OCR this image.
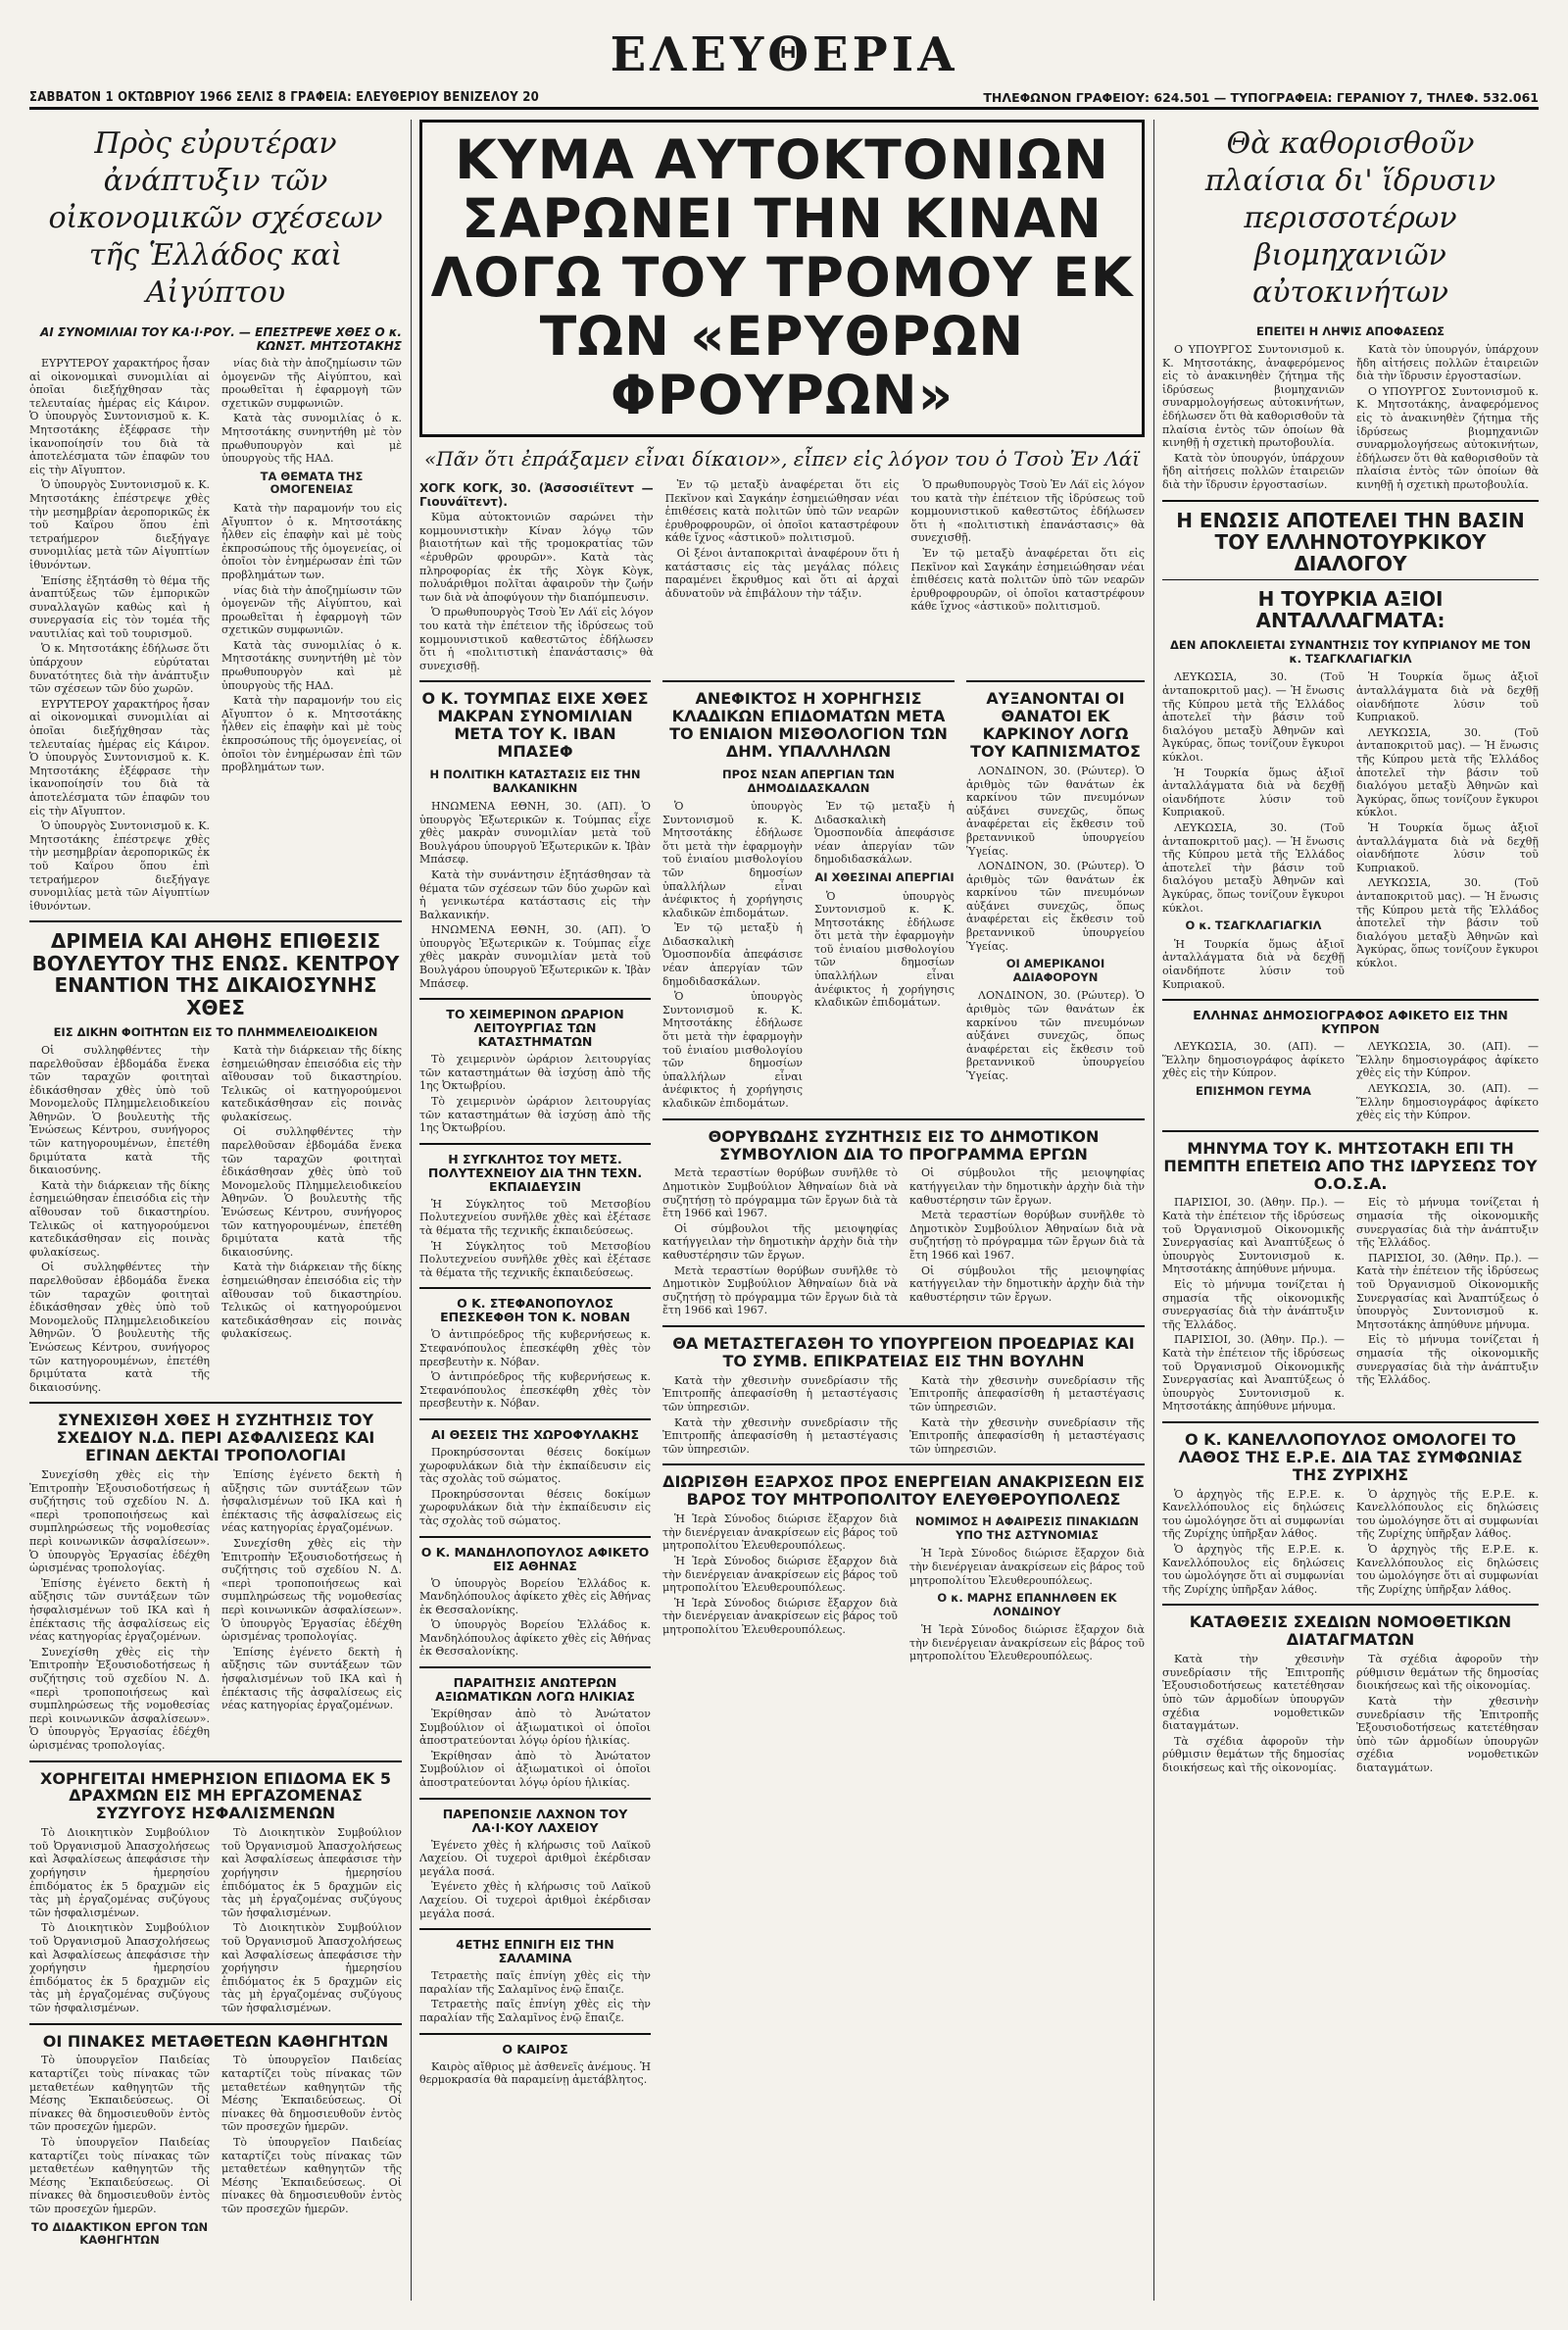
ΕΛΕΥΘΕΡΙΑ
ΣΑΒΒΑΤΟΝ 1 ΟΚΤΩΒΡΙΟΥ 1966 ΣΕΛΙΣ 8 ΓΡΑΦΕΙΑ: ΕΛΕΥΘΕΡΙΟΥ ΒΕΝΙΖΕΛΟΥ 20	ΤΗΛΕΦΩΝΟΝ ΓΡΑΦΕΙΟΥ: 624.501 — ΤΥΠΟΓΡΑΦΕΙΑ: ΓΕΡΑΝΙΟΥ 7, ΤΗΛΕΦ. 532.061
Πρὸς εὐρυτέραν ἀνάπτυξιν τῶν οἰκονομικῶν σχέσεων τῆς Ἑλλάδος καὶ Αἰγύπτου
ΑΙ ΣΥΝΟΜΙΛΙΑΙ ΤΟΥ ΚΑ·Ι·ΡΟΥ. — ΕΠΕΣΤΡΕΨΕ ΧΘΕΣ Ο κ. ΚΩΝΣΤ. ΜΗΤΣΟΤΑΚΗΣ

ΕΥΡΥΤΕΡΟΥ χαρακτήρος ἦσαν αἱ οἰκονομικαὶ συνομιλίαι αἱ ὁποῖαι διεξήχθησαν τὰς τελευταίας ἡμέρας εἰς Κάιρον. Ὁ ὑπουργὸς Συντονισμοῦ κ. Κ. Μητσοτάκης ἐξέφρασε τὴν ἱκανοποίησίν του διὰ τὰ ἀποτελέσματα τῶν ἐπαφῶν του εἰς τὴν Αἴγυπτον.

Ὁ ὑπουργὸς Συντονισμοῦ κ. Κ. Μητσοτάκης ἐπέστρεψε χθὲς τὴν μεσημβρίαν ἀεροπορικῶς ἐκ τοῦ Καΐρου ὅπου ἐπὶ τετραήμερον διεξήγαγε συνομιλίας μετὰ τῶν Αἰγυπτίων ἰθυνόντων.

Ἐπίσης ἐξητάσθη τὸ θέμα τῆς ἀναπτύξεως τῶν ἐμπορικῶν συναλλαγῶν καθὼς καὶ ἡ συνεργασία εἰς τὸν τομέα τῆς ναυτιλίας καὶ τοῦ τουρισμοῦ.

Ὁ κ. Μητσοτάκης ἐδήλωσε ὅτι ὑπάρχουν εὐρύταται δυνατότητες διὰ τὴν ἀνάπτυξιν τῶν σχέσεων τῶν δύο χωρῶν.

ΕΥΡΥΤΕΡΟΥ χαρακτήρος ἦσαν αἱ οἰκονομικαὶ συνομιλίαι αἱ ὁποῖαι διεξήχθησαν τὰς τελευταίας ἡμέρας εἰς Κάιρον. Ὁ ὑπουργὸς Συντονισμοῦ κ. Κ. Μητσοτάκης ἐξέφρασε τὴν ἱκανοποίησίν του διὰ τὰ ἀποτελέσματα τῶν ἐπαφῶν του εἰς τὴν Αἴγυπτον.

Ὁ ὑπουργὸς Συντονισμοῦ κ. Κ. Μητσοτάκης ἐπέστρεψε χθὲς τὴν μεσημβρίαν ἀεροπορικῶς ἐκ τοῦ Καΐρου ὅπου ἐπὶ τετραήμερον διεξήγαγε συνομιλίας μετὰ τῶν Αἰγυπτίων ἰθυνόντων.

νίας διὰ τὴν ἀποζημίωσιν τῶν ὁμογενῶν τῆς Αἰγύπτου, καὶ προωθεῖται ἡ ἐφαρμογὴ τῶν σχετικῶν συμφωνιῶν.

Κατὰ τὰς συνομιλίας ὁ κ. Μητσοτάκης συνηντήθη μὲ τὸν πρωθυπουργὸν καὶ μὲ ὑπουργοὺς τῆς ΗΑΔ.

ΤΑ ΘΕΜΑΤΑ ΤΗΣ ΟΜΟΓΕΝΕΙΑΣ

Κατὰ τὴν παραμονήν του εἰς Αἴγυπτον ὁ κ. Μητσοτάκης ἦλθεν εἰς ἐπαφὴν καὶ μὲ τοὺς ἐκπροσώπους τῆς ὁμογενείας, οἱ ὁποῖοι τὸν ἐνημέρωσαν ἐπὶ τῶν προβλημάτων των.

νίας διὰ τὴν ἀποζημίωσιν τῶν ὁμογενῶν τῆς Αἰγύπτου, καὶ προωθεῖται ἡ ἐφαρμογὴ τῶν σχετικῶν συμφωνιῶν.

Κατὰ τὰς συνομιλίας ὁ κ. Μητσοτάκης συνηντήθη μὲ τὸν πρωθυπουργὸν καὶ μὲ ὑπουργοὺς τῆς ΗΑΔ.

Κατὰ τὴν παραμονήν του εἰς Αἴγυπτον ὁ κ. Μητσοτάκης ἦλθεν εἰς ἐπαφὴν καὶ μὲ τοὺς ἐκπροσώπους τῆς ὁμογενείας, οἱ ὁποῖοι τὸν ἐνημέρωσαν ἐπὶ τῶν προβλημάτων των.

ΔΡΙΜΕΙΑ ΚΑΙ ΑΗΘΗΣ ΕΠΙΘΕΣΙΣ ΒΟΥΛΕΥΤΟΥ ΤΗΣ ΕΝΩΣ. ΚΕΝΤΡΟΥ ΕΝΑΝΤΙΟΝ ΤΗΣ ΔΙΚΑΙΟΣΥΝΗΣ ΧΘΕΣ
ΕΙΣ ΔΙΚΗΝ ΦΟΙΤΗΤΩΝ ΕΙΣ ΤΟ ΠΛΗΜΜΕΛΕΙΟΔΙΚΕΙΟΝ

Οἱ συλληφθέντες τὴν παρελθοῦσαν ἑβδομάδα ἕνεκα τῶν ταραχῶν φοιτηταὶ ἐδικάσθησαν χθὲς ὑπὸ τοῦ Μονομελοῦς Πλημμελειοδικείου Ἀθηνῶν. Ὁ βουλευτὴς τῆς Ἑνώσεως Κέντρου, συνήγορος τῶν κατηγορουμένων, ἐπετέθη δριμύτατα κατὰ τῆς δικαιοσύνης.

Κατὰ τὴν διάρκειαν τῆς δίκης ἐσημειώθησαν ἐπεισόδια εἰς τὴν αἴθουσαν τοῦ δικαστηρίου. Τελικῶς οἱ κατηγορούμενοι κατεδικάσθησαν εἰς ποινὰς φυλακίσεως.

Οἱ συλληφθέντες τὴν παρελθοῦσαν ἑβδομάδα ἕνεκα τῶν ταραχῶν φοιτηταὶ ἐδικάσθησαν χθὲς ὑπὸ τοῦ Μονομελοῦς Πλημμελειοδικείου Ἀθηνῶν. Ὁ βουλευτὴς τῆς Ἑνώσεως Κέντρου, συνήγορος τῶν κατηγορουμένων, ἐπετέθη δριμύτατα κατὰ τῆς δικαιοσύνης.

Κατὰ τὴν διάρκειαν τῆς δίκης ἐσημειώθησαν ἐπεισόδια εἰς τὴν αἴθουσαν τοῦ δικαστηρίου. Τελικῶς οἱ κατηγορούμενοι κατεδικάσθησαν εἰς ποινὰς φυλακίσεως.

Οἱ συλληφθέντες τὴν παρελθοῦσαν ἑβδομάδα ἕνεκα τῶν ταραχῶν φοιτηταὶ ἐδικάσθησαν χθὲς ὑπὸ τοῦ Μονομελοῦς Πλημμελειοδικείου Ἀθηνῶν. Ὁ βουλευτὴς τῆς Ἑνώσεως Κέντρου, συνήγορος τῶν κατηγορουμένων, ἐπετέθη δριμύτατα κατὰ τῆς δικαιοσύνης.

Κατὰ τὴν διάρκειαν τῆς δίκης ἐσημειώθησαν ἐπεισόδια εἰς τὴν αἴθουσαν τοῦ δικαστηρίου. Τελικῶς οἱ κατηγορούμενοι κατεδικάσθησαν εἰς ποινὰς φυλακίσεως.

ΣΥΝΕΧΙΣΘΗ ΧΘΕΣ Η ΣΥΖΗΤΗΣΙΣ ΤΟΥ ΣΧΕΔΙΟΥ Ν.Δ. ΠΕΡΙ ΑΣΦΑΛΙΣΕΩΣ ΚΑΙ ΕΓΙΝΑΝ ΔΕΚΤΑΙ ΤΡΟΠΟΛΟΓΙΑΙ

Συνεχίσθη χθὲς εἰς τὴν Ἐπιτροπὴν Ἐξουσιοδοτήσεως ἡ συζήτησις τοῦ σχεδίου Ν. Δ. «περὶ τροποποιήσεως καὶ συμπληρώσεως τῆς νομοθεσίας περὶ κοινωνικῶν ἀσφαλίσεων». Ὁ ὑπουργὸς Ἐργασίας ἐδέχθη ὡρισμένας τροπολογίας.

Ἐπίσης ἐγένετο δεκτὴ ἡ αὔξησις τῶν συντάξεων τῶν ἠσφαλισμένων τοῦ ΙΚΑ καὶ ἡ ἐπέκτασις τῆς ἀσφαλίσεως εἰς νέας κατηγορίας ἐργαζομένων.

Συνεχίσθη χθὲς εἰς τὴν Ἐπιτροπὴν Ἐξουσιοδοτήσεως ἡ συζήτησις τοῦ σχεδίου Ν. Δ. «περὶ τροποποιήσεως καὶ συμπληρώσεως τῆς νομοθεσίας περὶ κοινωνικῶν ἀσφαλίσεων». Ὁ ὑπουργὸς Ἐργασίας ἐδέχθη ὡρισμένας τροπολογίας.

Ἐπίσης ἐγένετο δεκτὴ ἡ αὔξησις τῶν συντάξεων τῶν ἠσφαλισμένων τοῦ ΙΚΑ καὶ ἡ ἐπέκτασις τῆς ἀσφαλίσεως εἰς νέας κατηγορίας ἐργαζομένων.

Συνεχίσθη χθὲς εἰς τὴν Ἐπιτροπὴν Ἐξουσιοδοτήσεως ἡ συζήτησις τοῦ σχεδίου Ν. Δ. «περὶ τροποποιήσεως καὶ συμπληρώσεως τῆς νομοθεσίας περὶ κοινωνικῶν ἀσφαλίσεων». Ὁ ὑπουργὸς Ἐργασίας ἐδέχθη ὡρισμένας τροπολογίας.

Ἐπίσης ἐγένετο δεκτὴ ἡ αὔξησις τῶν συντάξεων τῶν ἠσφαλισμένων τοῦ ΙΚΑ καὶ ἡ ἐπέκτασις τῆς ἀσφαλίσεως εἰς νέας κατηγορίας ἐργαζομένων.

ΧΟΡΗΓΕΙΤΑΙ ΗΜΕΡΗΣΙΟΝ ΕΠΙΔΟΜΑ ΕΚ 5 ΔΡΑΧΜΩΝ ΕΙΣ ΜΗ ΕΡΓΑΖΟΜΕΝΑΣ ΣΥΖΥΓΟΥΣ ΗΣΦΑΛΙΣΜΕΝΩΝ

Τὸ Διοικητικὸν Συμβούλιον τοῦ Ὀργανισμοῦ Ἀπασχολήσεως καὶ Ἀσφαλίσεως ἀπεφάσισε τὴν χορήγησιν ἡμερησίου ἐπιδόματος ἐκ 5 δραχμῶν εἰς τὰς μὴ ἐργαζομένας συζύγους τῶν ἠσφαλισμένων.

Τὸ Διοικητικὸν Συμβούλιον τοῦ Ὀργανισμοῦ Ἀπασχολήσεως καὶ Ἀσφαλίσεως ἀπεφάσισε τὴν χορήγησιν ἡμερησίου ἐπιδόματος ἐκ 5 δραχμῶν εἰς τὰς μὴ ἐργαζομένας συζύγους τῶν ἠσφαλισμένων.

Τὸ Διοικητικὸν Συμβούλιον τοῦ Ὀργανισμοῦ Ἀπασχολήσεως καὶ Ἀσφαλίσεως ἀπεφάσισε τὴν χορήγησιν ἡμερησίου ἐπιδόματος ἐκ 5 δραχμῶν εἰς τὰς μὴ ἐργαζομένας συζύγους τῶν ἠσφαλισμένων.

Τὸ Διοικητικὸν Συμβούλιον τοῦ Ὀργανισμοῦ Ἀπασχολήσεως καὶ Ἀσφαλίσεως ἀπεφάσισε τὴν χορήγησιν ἡμερησίου ἐπιδόματος ἐκ 5 δραχμῶν εἰς τὰς μὴ ἐργαζομένας συζύγους τῶν ἠσφαλισμένων.

ΟΙ ΠΙΝΑΚΕΣ ΜΕΤΑΘΕΤΕΩΝ ΚΑΘΗΓΗΤΩΝ

Τὸ ὑπουργεῖον Παιδείας καταρτίζει τοὺς πίνακας τῶν μεταθετέων καθηγητῶν τῆς Μέσης Ἐκπαιδεύσεως. Οἱ πίνακες θὰ δημοσιευθοῦν ἐντὸς τῶν προσεχῶν ἡμερῶν.

Τὸ ὑπουργεῖον Παιδείας καταρτίζει τοὺς πίνακας τῶν μεταθετέων καθηγητῶν τῆς Μέσης Ἐκπαιδεύσεως. Οἱ πίνακες θὰ δημοσιευθοῦν ἐντὸς τῶν προσεχῶν ἡμερῶν.

ΤΟ ΔΙΔΑΚΤΙΚΟΝ ΕΡΓΟΝ ΤΩΝ ΚΑΘΗΓΗΤΩΝ

Τὸ ὑπουργεῖον Παιδείας καταρτίζει τοὺς πίνακας τῶν μεταθετέων καθηγητῶν τῆς Μέσης Ἐκπαιδεύσεως. Οἱ πίνακες θὰ δημοσιευθοῦν ἐντὸς τῶν προσεχῶν ἡμερῶν.

Τὸ ὑπουργεῖον Παιδείας καταρτίζει τοὺς πίνακας τῶν μεταθετέων καθηγητῶν τῆς Μέσης Ἐκπαιδεύσεως. Οἱ πίνακες θὰ δημοσιευθοῦν ἐντὸς τῶν προσεχῶν ἡμερῶν.

ΚΥΜΑ ΑΥΤΟΚΤΟΝΙΩΝ ΣΑΡΩΝΕΙ ΤΗΝ ΚΙΝΑΝ ΛΟΓΩ ΤΟΥ ΤΡΟΜΟΥ ΕΚ ΤΩΝ «ΕΡΥΘΡΩΝ ΦΡΟΥΡΩΝ»
«Πᾶν ὅτι ἐπράξαμεν εἶναι δίκαιον», εἶπεν εἰς λόγον του ὁ Τσοὺ Ἐν Λάϊ
ΧΟΓΚ ΚΟΓΚ, 30. (Ἀσσοσιέϊτεντ — Γιουνάϊτεντ).

Κῦμα αὐτοκτονιῶν σαρώνει τὴν κομμουνιστικὴν Κίναν λόγῳ τῶν βιαιοτήτων καὶ τῆς τρομοκρατίας τῶν «ἐρυθρῶν φρουρῶν». Κατὰ τὰς πληροφορίας ἐκ τῆς Χὸγκ Κὸγκ, πολυάριθμοι πολῖται ἀφαιροῦν τὴν ζωήν των διὰ νὰ ἀποφύγουν τὴν διαπόμπευσιν.

Ὁ πρωθυπουργὸς Τσοὺ Ἐν Λάϊ εἰς λόγον του κατὰ τὴν ἐπέτειον τῆς ἱδρύσεως τοῦ κομμουνιστικοῦ καθεστῶτος ἐδήλωσεν ὅτι ἡ «πολιτιστικὴ ἐπανάστασις» θὰ συνεχισθῇ.

Ἐν τῷ μεταξὺ ἀναφέρεται ὅτι εἰς Πεκῖνον καὶ Σαγκάην ἐσημειώθησαν νέαι ἐπιθέσεις κατὰ πολιτῶν ὑπὸ τῶν νεαρῶν ἐρυθροφρουρῶν, οἱ ὁποῖοι καταστρέφουν κάθε ἴχνος «ἀστικοῦ» πολιτισμοῦ.

Οἱ ξένοι ἀνταποκριταὶ ἀναφέρουν ὅτι ἡ κατάστασις εἰς τὰς μεγάλας πόλεις παραμένει ἔκρυθμος καὶ ὅτι αἱ ἀρχαὶ ἀδυνατοῦν νὰ ἐπιβάλουν τὴν τάξιν.

Ὁ πρωθυπουργὸς Τσοὺ Ἐν Λάϊ εἰς λόγον του κατὰ τὴν ἐπέτειον τῆς ἱδρύσεως τοῦ κομμουνιστικοῦ καθεστῶτος ἐδήλωσεν ὅτι ἡ «πολιτιστικὴ ἐπανάστασις» θὰ συνεχισθῇ.

Ἐν τῷ μεταξὺ ἀναφέρεται ὅτι εἰς Πεκῖνον καὶ Σαγκάην ἐσημειώθησαν νέαι ἐπιθέσεις κατὰ πολιτῶν ὑπὸ τῶν νεαρῶν ἐρυθροφρουρῶν, οἱ ὁποῖοι καταστρέφουν κάθε ἴχνος «ἀστικοῦ» πολιτισμοῦ.

Ο Κ. ΤΟΥΜΠΑΣ ΕΙΧΕ ΧΘΕΣ ΜΑΚΡΑΝ ΣΥΝΟΜΙΛΙΑΝ ΜΕΤΑ ΤΟΥ Κ. ΙΒΑΝ ΜΠΑΣΕΦ
Η ΠΟΛΙΤΙΚΗ ΚΑΤΑΣΤΑΣΙΣ ΕΙΣ ΤΗΝ ΒΑΛΚΑΝΙΚΗΝ

ΗΝΩΜΕΝΑ ΕΘΝΗ, 30. (ΑΠ). Ὁ ὑπουργὸς Ἐξωτερικῶν κ. Τούμπας εἶχε χθὲς μακρὰν συνομιλίαν μετὰ τοῦ Βουλγάρου ὑπουργοῦ Ἐξωτερικῶν κ. Ἰβὰν Μπάσεφ.

Κατὰ τὴν συνάντησιν ἐξητάσθησαν τὰ θέματα τῶν σχέσεων τῶν δύο χωρῶν καὶ ἡ γενικωτέρα κατάστασις εἰς τὴν Βαλκανικήν.

ΗΝΩΜΕΝΑ ΕΘΝΗ, 30. (ΑΠ). Ὁ ὑπουργὸς Ἐξωτερικῶν κ. Τούμπας εἶχε χθὲς μακρὰν συνομιλίαν μετὰ τοῦ Βουλγάρου ὑπουργοῦ Ἐξωτερικῶν κ. Ἰβὰν Μπάσεφ.

ΤΟ ΧΕΙΜΕΡΙΝΟΝ ΩΡΑΡΙΟΝ ΛΕΙΤΟΥΡΓΙΑΣ ΤΩΝ ΚΑΤΑΣΤΗΜΑΤΩΝ

Τὸ χειμερινὸν ὡράριον λειτουργίας τῶν καταστημάτων θὰ ἰσχύσῃ ἀπὸ τῆς 1ης Ὀκτωβρίου.

Τὸ χειμερινὸν ὡράριον λειτουργίας τῶν καταστημάτων θὰ ἰσχύσῃ ἀπὸ τῆς 1ης Ὀκτωβρίου.

Η ΣΥΓΚΛΗΤΟΣ ΤΟΥ ΜΕΤΣ. ΠΟΛΥΤΕΧΝΕΙΟΥ ΔΙΑ ΤΗΝ ΤΕΧΝ. ΕΚΠΑΙΔΕΥΣΙΝ

Ἡ Σύγκλητος τοῦ Μετσοβίου Πολυτεχνείου συνῆλθε χθὲς καὶ ἐξέτασε τὰ θέματα τῆς τεχνικῆς ἐκπαιδεύσεως.

Ἡ Σύγκλητος τοῦ Μετσοβίου Πολυτεχνείου συνῆλθε χθὲς καὶ ἐξέτασε τὰ θέματα τῆς τεχνικῆς ἐκπαιδεύσεως.

Ο Κ. ΣΤΕΦΑΝΟΠΟΥΛΟΣ ΕΠΕΣΚΕΦΘΗ ΤΟΝ Κ. ΝΟΒΑΝ

Ὁ ἀντιπρόεδρος τῆς κυβερνήσεως κ. Στεφανόπουλος ἐπεσκέφθη χθὲς τὸν πρεσβευτὴν κ. Νόβαν.

Ὁ ἀντιπρόεδρος τῆς κυβερνήσεως κ. Στεφανόπουλος ἐπεσκέφθη χθὲς τὸν πρεσβευτὴν κ. Νόβαν.

ΑΙ ΘΕΣΕΙΣ ΤΗΣ ΧΩΡΟΦΥΛΑΚΗΣ

Προκηρύσσονται θέσεις δοκίμων χωροφυλάκων διὰ τὴν ἐκπαίδευσιν εἰς τὰς σχολὰς τοῦ σώματος.

Προκηρύσσονται θέσεις δοκίμων χωροφυλάκων διὰ τὴν ἐκπαίδευσιν εἰς τὰς σχολὰς τοῦ σώματος.

Ο Κ. ΜΑΝΔΗΛΟΠΟΥΛΟΣ ΑΦΙΚΕΤΟ ΕΙΣ ΑΘΗΝΑΣ

Ὁ ὑπουργὸς Βορείου Ἑλλάδος κ. Μανδηλόπουλος ἀφίκετο χθὲς εἰς Ἀθήνας ἐκ Θεσσαλονίκης.

Ὁ ὑπουργὸς Βορείου Ἑλλάδος κ. Μανδηλόπουλος ἀφίκετο χθὲς εἰς Ἀθήνας ἐκ Θεσσαλονίκης.

ΠΑΡΑΙΤΗΣΙΣ ΑΝΩΤΕΡΩΝ ΑΞΙΩΜΑΤΙΚΩΝ ΛΟΓΩ ΗΛΙΚΙΑΣ

Ἐκρίθησαν ἀπὸ τὸ Ἀνώτατον Συμβούλιον οἱ ἀξιωματικοὶ οἱ ὁποῖοι ἀποστρατεύονται λόγῳ ὁρίου ἡλικίας.

Ἐκρίθησαν ἀπὸ τὸ Ἀνώτατον Συμβούλιον οἱ ἀξιωματικοὶ οἱ ὁποῖοι ἀποστρατεύονται λόγῳ ὁρίου ἡλικίας.

ΠΑΡΕΠΟΝΣΙΕ ΛΑΧΝΟΝ ΤΟΥ ΛΑ·Ι·ΚΟΥ ΛΑΧΕΙΟΥ

Ἐγένετο χθὲς ἡ κλήρωσις τοῦ Λαϊκοῦ Λαχείου. Οἱ τυχεροὶ ἀριθμοὶ ἐκέρδισαν μεγάλα ποσά.

Ἐγένετο χθὲς ἡ κλήρωσις τοῦ Λαϊκοῦ Λαχείου. Οἱ τυχεροὶ ἀριθμοὶ ἐκέρδισαν μεγάλα ποσά.

4ΕΤΗΣ ΕΠΝΙΓΗ ΕΙΣ ΤΗΝ ΣΑΛΑΜΙΝΑ

Τετραετὴς παῖς ἐπνίγη χθὲς εἰς τὴν παραλίαν τῆς Σαλαμῖνος ἐνῷ ἔπαιζε.

Τετραετὴς παῖς ἐπνίγη χθὲς εἰς τὴν παραλίαν τῆς Σαλαμῖνος ἐνῷ ἔπαιζε.

Ο ΚΑΙΡΟΣ

Καιρὸς αἴθριος μὲ ἀσθενεῖς ἀνέμους. Ἡ θερμοκρασία θὰ παραμείνῃ ἀμετάβλητος.

ΑΝΕΦΙΚΤΟΣ Η ΧΟΡΗΓΗΣΙΣ ΚΛΑΔΙΚΩΝ ΕΠΙΔΟΜΑΤΩΝ ΜΕΤΑ ΤΟ ΕΝΙΑΙΟΝ ΜΙΣΘΟΛΟΓΙΟΝ ΤΩΝ ΔΗΜ. ΥΠΑΛΛΗΛΩΝ
ΠΡΟΣ ΝΣΑΝ ΑΠΕΡΓΙΑΝ ΤΩΝ ΔΗΜΟΔΙΔΑΣΚΑΛΩΝ

Ὁ ὑπουργὸς Συντονισμοῦ κ. Κ. Μητσοτάκης ἐδήλωσε ὅτι μετὰ τὴν ἐφαρμογὴν τοῦ ἑνιαίου μισθολογίου τῶν δημοσίων ὑπαλλήλων εἶναι ἀνέφικτος ἡ χορήγησις κλαδικῶν ἐπιδομάτων.

Ἐν τῷ μεταξὺ ἡ Διδασκαλικὴ Ὁμοσπονδία ἀπεφάσισε νέαν ἀπεργίαν τῶν δημοδιδασκάλων.

Ὁ ὑπουργὸς Συντονισμοῦ κ. Κ. Μητσοτάκης ἐδήλωσε ὅτι μετὰ τὴν ἐφαρμογὴν τοῦ ἑνιαίου μισθολογίου τῶν δημοσίων ὑπαλλήλων εἶναι ἀνέφικτος ἡ χορήγησις κλαδικῶν ἐπιδομάτων.

Ἐν τῷ μεταξὺ ἡ Διδασκαλικὴ Ὁμοσπονδία ἀπεφάσισε νέαν ἀπεργίαν τῶν δημοδιδασκάλων.

ΑΙ ΧΘΕΣΙΝΑΙ ΑΠΕΡΓΙΑΙ

Ὁ ὑπουργὸς Συντονισμοῦ κ. Κ. Μητσοτάκης ἐδήλωσε ὅτι μετὰ τὴν ἐφαρμογὴν τοῦ ἑνιαίου μισθολογίου τῶν δημοσίων ὑπαλλήλων εἶναι ἀνέφικτος ἡ χορήγησις κλαδικῶν ἐπιδομάτων.

ΑΥΞΑΝΟΝΤΑΙ ΟΙ ΘΑΝΑΤΟΙ ΕΚ ΚΑΡΚΙΝΟΥ ΛΟΓΩ ΤΟΥ ΚΑΠΝΙΣΜΑΤΟΣ

ΛΟΝΔΙΝΟΝ, 30. (Ρώυτερ). Ὁ ἀριθμὸς τῶν θανάτων ἐκ καρκίνου τῶν πνευμόνων αὐξάνει συνεχῶς, ὅπως ἀναφέρεται εἰς ἔκθεσιν τοῦ βρεταννικοῦ ὑπουργείου Ὑγείας.

ΛΟΝΔΙΝΟΝ, 30. (Ρώυτερ). Ὁ ἀριθμὸς τῶν θανάτων ἐκ καρκίνου τῶν πνευμόνων αὐξάνει συνεχῶς, ὅπως ἀναφέρεται εἰς ἔκθεσιν τοῦ βρεταννικοῦ ὑπουργείου Ὑγείας.

ΟΙ ΑΜΕΡΙΚΑΝΟΙ ΑΔΙΑΦΟΡΟΥΝ

ΛΟΝΔΙΝΟΝ, 30. (Ρώυτερ). Ὁ ἀριθμὸς τῶν θανάτων ἐκ καρκίνου τῶν πνευμόνων αὐξάνει συνεχῶς, ὅπως ἀναφέρεται εἰς ἔκθεσιν τοῦ βρεταννικοῦ ὑπουργείου Ὑγείας.

ΘΟΡΥΒΩΔΗΣ ΣΥΖΗΤΗΣΙΣ ΕΙΣ ΤΟ ΔΗΜΟΤΙΚΟΝ ΣΥΜΒΟΥΛΙΟΝ ΔΙΑ ΤΟ ΠΡΟΓΡΑΜΜΑ ΕΡΓΩΝ

Μετὰ τεραστίων θορύβων συνῆλθε τὸ Δημοτικὸν Συμβούλιον Ἀθηναίων διὰ νὰ συζητήσῃ τὸ πρόγραμμα τῶν ἔργων διὰ τὰ ἔτη 1966 καὶ 1967.

Οἱ σύμβουλοι τῆς μειοψηφίας κατήγγειλαν τὴν δημοτικὴν ἀρχὴν διὰ τὴν καθυστέρησιν τῶν ἔργων.

Μετὰ τεραστίων θορύβων συνῆλθε τὸ Δημοτικὸν Συμβούλιον Ἀθηναίων διὰ νὰ συζητήσῃ τὸ πρόγραμμα τῶν ἔργων διὰ τὰ ἔτη 1966 καὶ 1967.

Οἱ σύμβουλοι τῆς μειοψηφίας κατήγγειλαν τὴν δημοτικὴν ἀρχὴν διὰ τὴν καθυστέρησιν τῶν ἔργων.

Μετὰ τεραστίων θορύβων συνῆλθε τὸ Δημοτικὸν Συμβούλιον Ἀθηναίων διὰ νὰ συζητήσῃ τὸ πρόγραμμα τῶν ἔργων διὰ τὰ ἔτη 1966 καὶ 1967.

Οἱ σύμβουλοι τῆς μειοψηφίας κατήγγειλαν τὴν δημοτικὴν ἀρχὴν διὰ τὴν καθυστέρησιν τῶν ἔργων.

ΘΑ ΜΕΤΑΣΤΕΓΑΣΘΗ ΤΟ ΥΠΟΥΡΓΕΙΟΝ ΠΡΟΕΔΡΙΑΣ ΚΑΙ ΤΟ ΣΥΜΒ. ΕΠΙΚΡΑΤΕΙΑΣ ΕΙΣ ΤΗΝ ΒΟΥΛΗΝ

Κατὰ τὴν χθεσινὴν συνεδρίασιν τῆς Ἐπιτροπῆς ἀπεφασίσθη ἡ μεταστέγασις τῶν ὑπηρεσιῶν.

Κατὰ τὴν χθεσινὴν συνεδρίασιν τῆς Ἐπιτροπῆς ἀπεφασίσθη ἡ μεταστέγασις τῶν ὑπηρεσιῶν.

Κατὰ τὴν χθεσινὴν συνεδρίασιν τῆς Ἐπιτροπῆς ἀπεφασίσθη ἡ μεταστέγασις τῶν ὑπηρεσιῶν.

Κατὰ τὴν χθεσινὴν συνεδρίασιν τῆς Ἐπιτροπῆς ἀπεφασίσθη ἡ μεταστέγασις τῶν ὑπηρεσιῶν.

ΔΙΩΡΙΣΘΗ ΕΞΑΡΧΟΣ ΠΡΟΣ ΕΝΕΡΓΕΙΑΝ ΑΝΑΚΡΙΣΕΩΝ ΕΙΣ ΒΑΡΟΣ ΤΟΥ ΜΗΤΡΟΠΟΛΙΤΟΥ ΕΛΕΥΘΕΡΟΥΠΟΛΕΩΣ

Ἡ Ἱερὰ Σύνοδος διώρισε ἔξαρχον διὰ τὴν διενέργειαν ἀνακρίσεων εἰς βάρος τοῦ μητροπολίτου Ἐλευθερουπόλεως.

Ἡ Ἱερὰ Σύνοδος διώρισε ἔξαρχον διὰ τὴν διενέργειαν ἀνακρίσεων εἰς βάρος τοῦ μητροπολίτου Ἐλευθερουπόλεως.

Ἡ Ἱερὰ Σύνοδος διώρισε ἔξαρχον διὰ τὴν διενέργειαν ἀνακρίσεων εἰς βάρος τοῦ μητροπολίτου Ἐλευθερουπόλεως.

ΝΟΜΙΜΟΣ Η ΑΦΑΙΡΕΣΙΣ ΠΙΝΑΚΙΔΩΝ ΥΠΟ ΤΗΣ ΑΣΤΥΝΟΜΙΑΣ

Ἡ Ἱερὰ Σύνοδος διώρισε ἔξαρχον διὰ τὴν διενέργειαν ἀνακρίσεων εἰς βάρος τοῦ μητροπολίτου Ἐλευθερουπόλεως.

Ο κ. ΜΑΡΗΣ ΕΠΑΝΗΛΘΕΝ ΕΚ ΛΟΝΔΙΝΟΥ

Ἡ Ἱερὰ Σύνοδος διώρισε ἔξαρχον διὰ τὴν διενέργειαν ἀνακρίσεων εἰς βάρος τοῦ μητροπολίτου Ἐλευθερουπόλεως.

Θὰ καθορισθοῦν πλαίσια δι' ἵδρυσιν περισσοτέρων βιομηχανιῶν αὐτοκινήτων
ΕΠΕΙΤΕΙ Η ΛΗΨΙΣ ΑΠΟΦΑΣΕΩΣ

Ο ΥΠΟΥΡΓΟΣ Συντονισμοῦ κ. Κ. Μητσοτάκης, ἀναφερόμενος εἰς τὸ ἀνακινηθὲν ζήτημα τῆς ἱδρύσεως βιομηχανιῶν συναρμολογήσεως αὐτοκινήτων, ἐδήλωσεν ὅτι θὰ καθορισθοῦν τὰ πλαίσια ἐντὸς τῶν ὁποίων θὰ κινηθῇ ἡ σχετικὴ πρωτοβουλία.

Κατὰ τὸν ὑπουργόν, ὑπάρχουν ἤδη αἰτήσεις πολλῶν ἑταιρειῶν διὰ τὴν ἵδρυσιν ἐργοστασίων.

Κατὰ τὸν ὑπουργόν, ὑπάρχουν ἤδη αἰτήσεις πολλῶν ἑταιρειῶν διὰ τὴν ἵδρυσιν ἐργοστασίων.

Ο ΥΠΟΥΡΓΟΣ Συντονισμοῦ κ. Κ. Μητσοτάκης, ἀναφερόμενος εἰς τὸ ἀνακινηθὲν ζήτημα τῆς ἱδρύσεως βιομηχανιῶν συναρμολογήσεως αὐτοκινήτων, ἐδήλωσεν ὅτι θὰ καθορισθοῦν τὰ πλαίσια ἐντὸς τῶν ὁποίων θὰ κινηθῇ ἡ σχετικὴ πρωτοβουλία.

Η ΕΝΩΣΙΣ ΑΠΟΤΕΛΕΙ ΤΗΝ ΒΑΣΙΝ ΤΟΥ ΕΛΛΗΝΟΤΟΥΡΚΙΚΟΥ ΔΙΑΛΟΓΟΥ
Η ΤΟΥΡΚΙΑ ΑΞΙΟΙ ΑΝΤΑΛΛΑΓΜΑΤΑ:
ΔΕΝ ΑΠΟΚΛΕΙΕΤΑΙ ΣΥΝΑΝΤΗΣΙΣ ΤΟΥ ΚΥΠΡΙΑΝΟΥ ΜΕ ΤΟΝ κ. ΤΣΑΓΚΛΑΓΙΑΓΚΙΛ

ΛΕΥΚΩΣΙΑ, 30. (Τοῦ ἀνταποκριτοῦ μας). — Ἡ ἕνωσις τῆς Κύπρου μετὰ τῆς Ἑλλάδος ἀποτελεῖ τὴν βάσιν τοῦ διαλόγου μεταξὺ Ἀθηνῶν καὶ Ἀγκύρας, ὅπως τονίζουν ἔγκυροι κύκλοι.

Ἡ Τουρκία ὅμως ἀξιοῖ ἀνταλλάγματα διὰ νὰ δεχθῇ οἱανδήποτε λύσιν τοῦ Κυπριακοῦ.

ΛΕΥΚΩΣΙΑ, 30. (Τοῦ ἀνταποκριτοῦ μας). — Ἡ ἕνωσις τῆς Κύπρου μετὰ τῆς Ἑλλάδος ἀποτελεῖ τὴν βάσιν τοῦ διαλόγου μεταξὺ Ἀθηνῶν καὶ Ἀγκύρας, ὅπως τονίζουν ἔγκυροι κύκλοι.

Ο κ. ΤΣΑΓΚΛΑΓΙΑΓΚΙΛ

Ἡ Τουρκία ὅμως ἀξιοῖ ἀνταλλάγματα διὰ νὰ δεχθῇ οἱανδήποτε λύσιν τοῦ Κυπριακοῦ.

Ἡ Τουρκία ὅμως ἀξιοῖ ἀνταλλάγματα διὰ νὰ δεχθῇ οἱανδήποτε λύσιν τοῦ Κυπριακοῦ.

ΛΕΥΚΩΣΙΑ, 30. (Τοῦ ἀνταποκριτοῦ μας). — Ἡ ἕνωσις τῆς Κύπρου μετὰ τῆς Ἑλλάδος ἀποτελεῖ τὴν βάσιν τοῦ διαλόγου μεταξὺ Ἀθηνῶν καὶ Ἀγκύρας, ὅπως τονίζουν ἔγκυροι κύκλοι.

Ἡ Τουρκία ὅμως ἀξιοῖ ἀνταλλάγματα διὰ νὰ δεχθῇ οἱανδήποτε λύσιν τοῦ Κυπριακοῦ.

ΛΕΥΚΩΣΙΑ, 30. (Τοῦ ἀνταποκριτοῦ μας). — Ἡ ἕνωσις τῆς Κύπρου μετὰ τῆς Ἑλλάδος ἀποτελεῖ τὴν βάσιν τοῦ διαλόγου μεταξὺ Ἀθηνῶν καὶ Ἀγκύρας, ὅπως τονίζουν ἔγκυροι κύκλοι.

ΕΛΛΗΝΑΣ ΔΗΜΟΣΙΟΓΡΑΦΟΣ ΑΦΙΚΕΤΟ ΕΙΣ ΤΗΝ ΚΥΠΡΟΝ

ΛΕΥΚΩΣΙΑ, 30. (ΑΠ). — Ἕλλην δημοσιογράφος ἀφίκετο χθὲς εἰς τὴν Κύπρον.

ΕΠΙΣΗΜΟΝ ΓΕΥΜΑ

ΛΕΥΚΩΣΙΑ, 30. (ΑΠ). — Ἕλλην δημοσιογράφος ἀφίκετο χθὲς εἰς τὴν Κύπρον.

ΛΕΥΚΩΣΙΑ, 30. (ΑΠ). — Ἕλλην δημοσιογράφος ἀφίκετο χθὲς εἰς τὴν Κύπρον.

ΜΗΝΥΜΑ ΤΟΥ Κ. ΜΗΤΣΟΤΑΚΗ ΕΠΙ ΤΗ ΠΕΜΠΤΗ ΕΠΕΤΕΙΩ ΑΠΟ ΤΗΣ ΙΔΡΥΣΕΩΣ ΤΟΥ Ο.Ο.Σ.Α.

ΠΑΡΙΣΙΟΙ, 30. (Ἀθην. Πρ.). — Κατὰ τὴν ἐπέτειον τῆς ἱδρύσεως τοῦ Ὀργανισμοῦ Οἰκονομικῆς Συνεργασίας καὶ Ἀναπτύξεως ὁ ὑπουργὸς Συντονισμοῦ κ. Μητσοτάκης ἀπηύθυνε μήνυμα.

Εἰς τὸ μήνυμα τονίζεται ἡ σημασία τῆς οἰκονομικῆς συνεργασίας διὰ τὴν ἀνάπτυξιν τῆς Ἑλλάδος.

ΠΑΡΙΣΙΟΙ, 30. (Ἀθην. Πρ.). — Κατὰ τὴν ἐπέτειον τῆς ἱδρύσεως τοῦ Ὀργανισμοῦ Οἰκονομικῆς Συνεργασίας καὶ Ἀναπτύξεως ὁ ὑπουργὸς Συντονισμοῦ κ. Μητσοτάκης ἀπηύθυνε μήνυμα.

Εἰς τὸ μήνυμα τονίζεται ἡ σημασία τῆς οἰκονομικῆς συνεργασίας διὰ τὴν ἀνάπτυξιν τῆς Ἑλλάδος.

ΠΑΡΙΣΙΟΙ, 30. (Ἀθην. Πρ.). — Κατὰ τὴν ἐπέτειον τῆς ἱδρύσεως τοῦ Ὀργανισμοῦ Οἰκονομικῆς Συνεργασίας καὶ Ἀναπτύξεως ὁ ὑπουργὸς Συντονισμοῦ κ. Μητσοτάκης ἀπηύθυνε μήνυμα.

Εἰς τὸ μήνυμα τονίζεται ἡ σημασία τῆς οἰκονομικῆς συνεργασίας διὰ τὴν ἀνάπτυξιν τῆς Ἑλλάδος.

Ο Κ. ΚΑΝΕΛΛΟΠΟΥΛΟΣ ΟΜΟΛΟΓΕΙ ΤΟ ΛΑΘΟΣ ΤΗΣ Ε.Ρ.Ε. ΔΙΑ ΤΑΣ ΣΥΜΦΩΝΙΑΣ ΤΗΣ ΖΥΡΙΧΗΣ

Ὁ ἀρχηγὸς τῆς Ε.Ρ.Ε. κ. Κανελλόπουλος εἰς δηλώσεις του ὡμολόγησε ὅτι αἱ συμφωνίαι τῆς Ζυρίχης ὑπῆρξαν λάθος.

Ὁ ἀρχηγὸς τῆς Ε.Ρ.Ε. κ. Κανελλόπουλος εἰς δηλώσεις του ὡμολόγησε ὅτι αἱ συμφωνίαι τῆς Ζυρίχης ὑπῆρξαν λάθος.

Ὁ ἀρχηγὸς τῆς Ε.Ρ.Ε. κ. Κανελλόπουλος εἰς δηλώσεις του ὡμολόγησε ὅτι αἱ συμφωνίαι τῆς Ζυρίχης ὑπῆρξαν λάθος.

Ὁ ἀρχηγὸς τῆς Ε.Ρ.Ε. κ. Κανελλόπουλος εἰς δηλώσεις του ὡμολόγησε ὅτι αἱ συμφωνίαι τῆς Ζυρίχης ὑπῆρξαν λάθος.

ΚΑΤΑΘΕΣΙΣ ΣΧΕΔΙΩΝ ΝΟΜΟΘΕΤΙΚΩΝ ΔΙΑΤΑΓΜΑΤΩΝ

Κατὰ τὴν χθεσινὴν συνεδρίασιν τῆς Ἐπιτροπῆς Ἐξουσιοδοτήσεως κατετέθησαν ὑπὸ τῶν ἁρμοδίων ὑπουργῶν σχέδια νομοθετικῶν διαταγμάτων.

Τὰ σχέδια ἀφοροῦν τὴν ρύθμισιν θεμάτων τῆς δημοσίας διοικήσεως καὶ τῆς οἰκονομίας.

Τὰ σχέδια ἀφοροῦν τὴν ρύθμισιν θεμάτων τῆς δημοσίας διοικήσεως καὶ τῆς οἰκονομίας.

Κατὰ τὴν χθεσινὴν συνεδρίασιν τῆς Ἐπιτροπῆς Ἐξουσιοδοτήσεως κατετέθησαν ὑπὸ τῶν ἁρμοδίων ὑπουργῶν σχέδια νομοθετικῶν διαταγμάτων.
